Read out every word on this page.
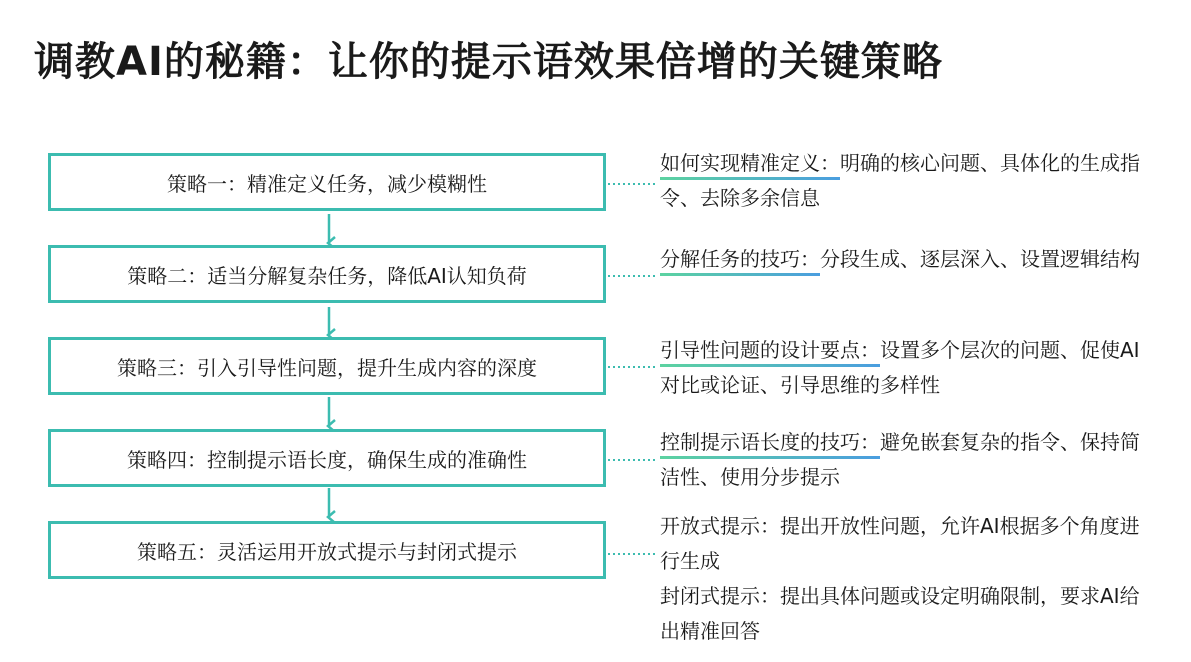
调教AI的秘籍：让你的提示语效果倍增的关键策略
策略一：精准定义任务，减少模糊性
策略二：适当分解复杂任务，降低AI认知负荷
策略三：引入引导性问题，提升生成内容的深度
策略四：控制提示语长度，确保生成的准确性
策略五：灵活运用开放式提示与封闭式提示
如何实现精准定义：明确的核心问题、具体化的生成指令、去除多余信息
分解任务的技巧：分段生成、逐层深入、设置逻辑结构
引导性问题的设计要点：设置多个层次的问题、促使AI对比或论证、引导思维的多样性
控制提示语长度的技巧：避免嵌套复杂的指令、保持简洁性、使用分步提示
开放式提示：提出开放性问题，允许AI根据多个角度进行生成
封闭式提示：提出具体问题或设定明确限制，要求AI给出精准回答
